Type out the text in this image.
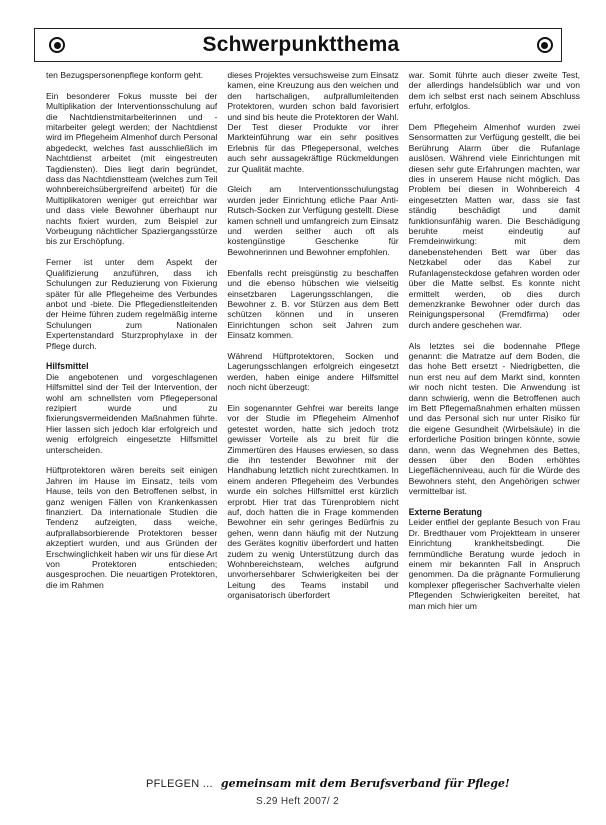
Schwerpunktthema

ten Bezugspersonenpflege konform geht.

Ein besonderer Fokus musste bei der Multiplikation der Interventionsschulung auf die Nachtdienstmitarbeiterinnen und -mitarbeiter gelegt werden; der Nachtdienst wird im Pflegeheim Almenhof durch Personal abgedeckt, welches fast ausschließlich im Nachtdienst arbeitet (mit eingestreuten Tagdiensten). Dies liegt darin begründet, dass das Nachtdienstteam (welches zum Teil wohnbereichsübergreifend arbeitet) für die Multiplikatoren weniger gut erreichbar war und dass viele Bewohner überhaupt nur nachts fixiert wurden, zum Beispiel zur Vorbeugung nächtlicher Spaziergangsstürze bis zur Erschöpfung.

Ferner ist unter dem Aspekt der Qualifizierung anzuführen, dass ich Schulungen zur Reduzierung von Fixierung später für alle Pflegeheime des Verbundes anbot und -biete. Die Pflegedienstleitenden der Heime führen zudem regelmäßig interne Schulungen zum Nationalen Expertenstandard Sturzprophylaxe in der Pflege durch.

Hilfsmittel

Die angebotenen und vorgeschlagenen Hilfsmittel sind der Teil der Intervention, der wohl am schnellsten vom Pflegepersonal rezipiert wurde und zu fixierungsvermeidenden Maßnahmen führte. Hier lassen sich jedoch klar erfolgreich und wenig erfolgreich eingesetzte Hilfsmittel unterscheiden.

Hüftprotektoren wären bereits seit einigen Jahren im Hause im Einsatz, teils vom Hause, teils von den Betroffenen selbst, in ganz wenigen Fällen von Krankenkassen finanziert. Da internationale Studien die Tendenz aufzeigten, dass weiche, aufprallabsorbierende Protektoren besser akzeptiert wurden, und aus Gründen der Erschwinglichkeit haben wir uns für diese Art von Protektoren entschieden; ausgesprochen. Die neuartigen Protektoren, die im Rahmen

dieses Projektes versuchsweise zum Einsatz kamen, eine Kreuzung aus den weichen und den hartschaligen, aufprallumleitenden Protektoren, wurden schon bald favorisiert und sind bis heute die Protektoren der Wahl. Der Test dieser Produkte vor ihrer Markteinführung war ein sehr positives Erlebnis für das Pflegepersonal, welches auch sehr aussagekräftige Rückmeldungen zur Qualität machte.

Gleich am Interventionsschulungstag wurden jeder Einrichtung etliche Paar Anti-Rutsch-Socken zur Verfügung gestellt. Diese kamen schnell und umfangreich zum Einsatz und werden seither auch oft als kostengünstige Geschenke für Bewohnerinnen und Bewohner empfohlen.

Ebenfalls recht preisgünstig zu beschaffen und die ebenso hübschen wie vielseitig einsetzbaren Lagerungsschlangen, die Bewohner z. B. vor Stürzen aus dem Bett schützen können und in unseren Einrichtungen schon seit Jahren zum Einsatz kommen.

Während Hüftprotektoren, Socken und Lagerungsschlangen erfolgreich eingesetzt werden, haben einige andere Hilfsmittel noch nicht überzeugt:

Ein sogenannter Gehfrei war bereits lange vor der Studie im Pflegeheim Almenhof getestet worden, hatte sich jedoch trotz gewisser Vorteile als zu breit für die Zimmertüren des Hauses erwiesen, so dass die ihn testender Bewohner mit der Handhabung letztlich nicht zurechtkamen. In einem anderen Pflegeheim des Verbundes wurde ein solches Hilfsmittel erst kürzlich erprobt. Hier trat das Türenproblem nicht auf, doch hatten die in Frage kommenden Bewohner ein sehr geringes Bedürfnis zu gehen, wenn dann häufig mit der Nutzung des Gerätes kognitiv überfordert und hatten zudem zu wenig Unterstützung durch das Wohnbereichsteam, welches aufgrund unvorhersehbarer Schwierigkeiten bei der Leitung des Teams instabil und organisatorisch überfordert

war. Somit führte auch dieser zweite Test, der allerdings handelsüblich war und von dem ich selbst erst nach seinem Abschluss erfuhr, erfolglos.

Dem Pflegeheim Almenhof wurden zwei Sensormatten zur Verfügung gestellt, die bei Berührung Alarm über die Rufanlage auslösen. Während viele Einrichtungen mit diesen sehr gute Erfahrungen machten, war dies in unserem Hause nicht möglich. Das Problem bei diesen in Wohnbereich 4 eingesetzten Matten war, dass sie fast ständig beschädigt und damit funktionsunfähig waren. Die Beschädigung beruhte meist eindeutig auf Fremdeinwirkung: mit dem danebenstehenden Bett war über das Netzkabel oder das Kabel zur Rufanlagensteckdose gefahren worden oder über die Matte selbst. Es konnte nicht ermittelt werden, ob dies durch demenzkranke Bewohner oder durch das Reinigungspersonal (Fremdfirma) oder durch andere geschehen war.

Als letztes sei die bodennahe Pflege genannt: die Matratze auf dem Boden, die das hohe Bett ersetzt - Niedrigbetten, die nun erst neu auf dem Markt sind, konnten wir noch nicht testen. Die Anwendung ist dann schwierig, wenn die Betroffenen auch im Bett Pflegemaßnahmen erhalten müssen und das Personal sich nur unter Risiko für die eigene Gesundheit (Wirbelsäule) in die erforderliche Position bringen könnte, sowie dann, wenn das Wegnehmen des Bettes, dessen über den Boden erhöhtes Liegeflächenniveau, auch für die Würde des Bewohners steht, den Angehörigen schwer vermittelbar ist.

Externe Beratung

Leider entfiel der geplante Besuch von Frau Dr. Bredthauer vom Projektteam in unserer Einrichtung krankheitsbedingt. Die fernmündliche Beratung wurde jedoch in einem mir bekannten Fall in Anspruch genommen. Da die prägnante Formulierung komplexer pflegerischer Sachverhalte vielen Pflegenden Schwierigkeiten bereitet, hat man mich hier um

PFLEGEN ... gemeinsam mit dem Berufsverband für Pflege!
S.29 Heft 2007/ 2
